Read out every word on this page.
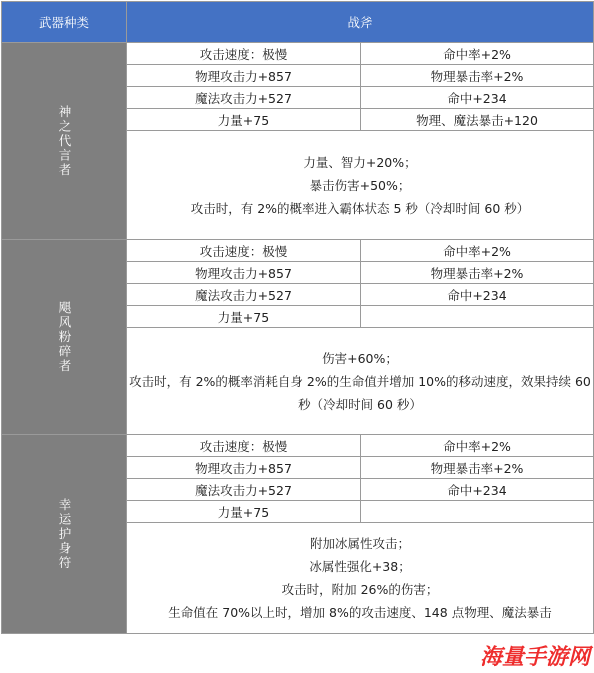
武器种类	战斧	
神之代言者	攻击速度：极慢	命中率+2%
	物理攻击力+857	物理暴击率+2%
	魔法攻击力+527	命中+234
	力量+75	物理、魔法暴击+120

	力量、智力+20%；
暴击伤害+50%；
攻击时，有 2%的概率进入霸体状态 5 秒（冷却时间 60 秒）	

飓风粉碎者	攻击速度：极慢	命中率+2%
	物理攻击力+857	物理暴击率+2%
	魔法攻击力+527	命中+234
	力量+75	

	伤害+60%；
攻击时，有 2%的概率消耗自身 2%的生命值并增加 10%的移动速度，效果持续 60 秒（冷却时间 60 秒）	

幸运护身符	攻击速度：极慢	命中率+2%
	物理攻击力+857	物理暴击率+2%
	魔法攻击力+527	命中+234
	力量+75	

	附加冰属性攻击；
冰属性强化+38；
攻击时，附加 26%的伤害；
生命值在 70%以上时，增加 8%的攻击速度、148 点物理、魔法暴击	
海量手游网
